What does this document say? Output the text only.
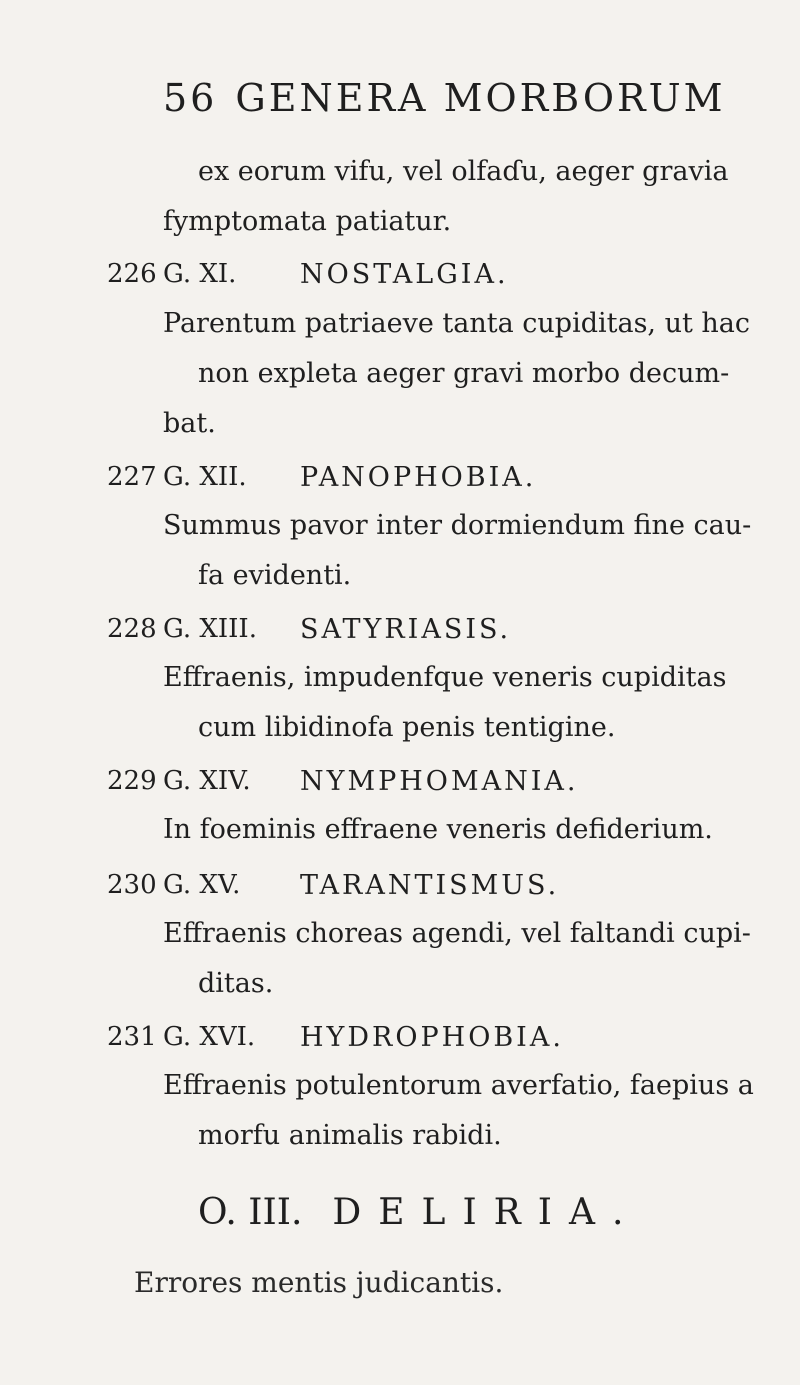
56 GENERA MORBORUM
ex eorum vifu, vel olfaɗu, aeger gravia
fymptomata patiatur.
226 G. XI. NOSTALGIA.
Parentum patriaeve tanta cupiditas, ut hac
non expleta aeger gravi morbo decum-
bat.
227 G. XII. PANOPHOBIA.
Summus pavor inter dormiendum fine cau-
fa evidenti.
228 G. XIII. SATYRIASIS.
Effraenis, impudenfque veneris cupiditas
cum libidinofa penis tentigine.
229 G. XIV. NYMPHOMANIA.
In foeminis effraene veneris defiderium.
230 G. XV. TARANTISMUS.
Effraenis choreas agendi, vel faltandi cupi-
ditas.
231 G. XVI. HYDROPHOBIA.
Effraenis potulentorum averfatio, faepius a
morfu animalis rabidi.
O. III. DELIRIA.
Errores mentis judicantis.
